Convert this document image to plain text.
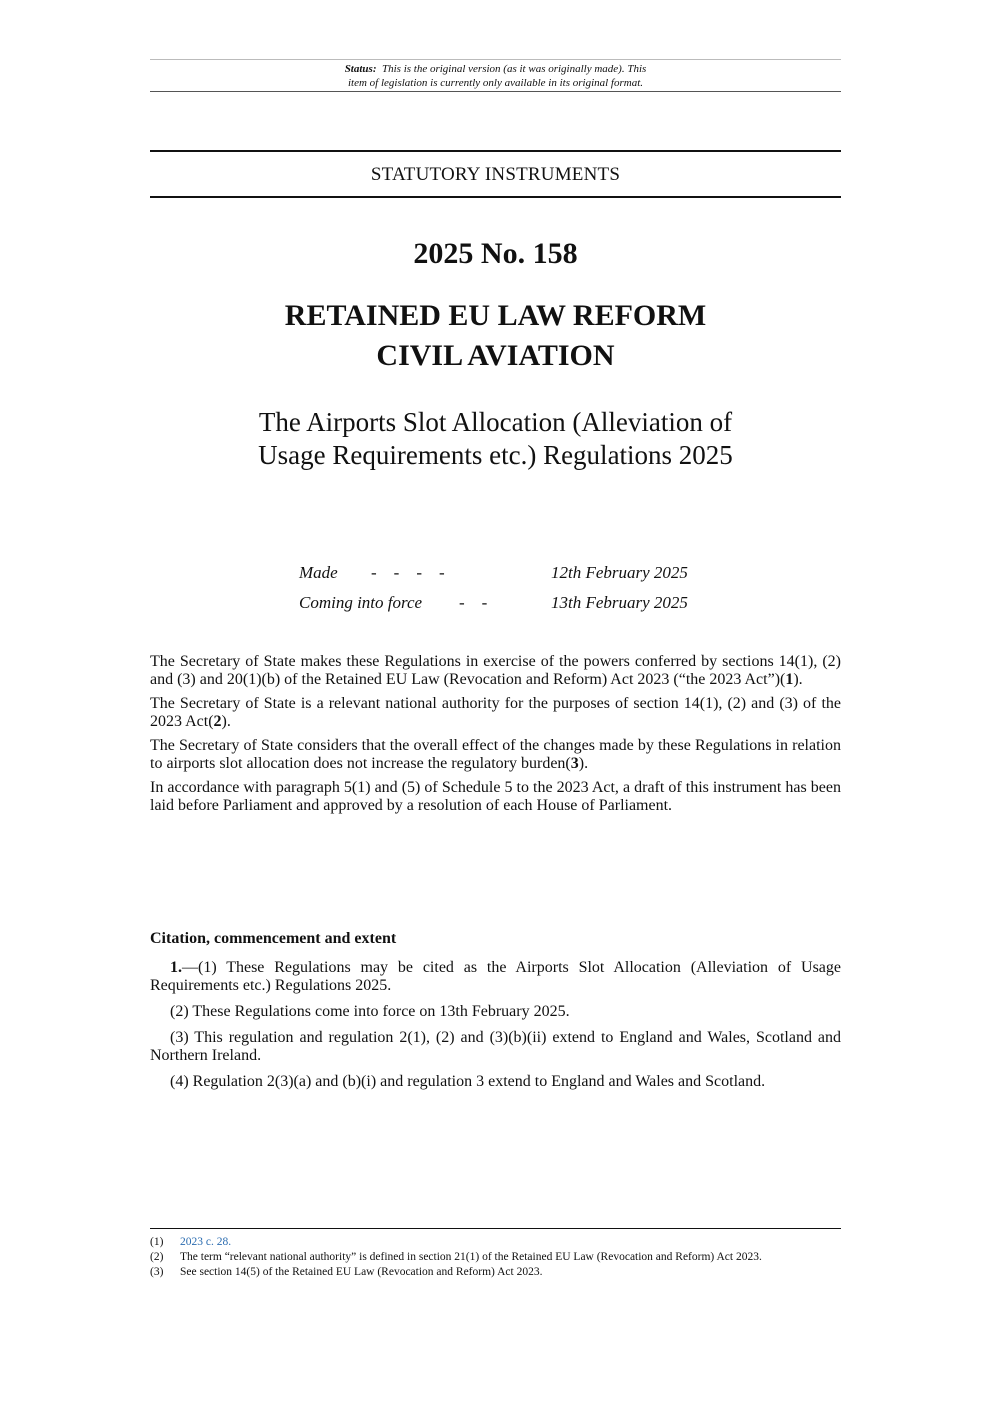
Status: This is the original version (as it was originally made). This
item of legislation is currently only available in its original format.
STATUTORY INSTRUMENTS
2025 No. 158
RETAINED EU LAW REFORM
CIVIL AVIATION
The Airports Slot Allocation (Alleviation of
Usage Requirements etc.) Regulations 2025
Made -    -    -    -	12th February 2025
Coming into force -    -	13th February 2025

The Secretary of State makes these Regulations in exercise of the powers conferred by sections 14(1), (2) and (3) and 20(1)(b) of the Retained EU Law (Revocation and Reform) Act 2023 (“the 2023 Act”)(1).

The Secretary of State is a relevant national authority for the purposes of section 14(1), (2) and (3) of the 2023 Act(2).

The Secretary of State considers that the overall effect of the changes made by these Regulations in relation to airports slot allocation does not increase the regulatory burden(3).

In accordance with paragraph 5(1) and (5) of Schedule 5 to the 2023 Act, a draft of this instrument has been laid before Parliament and approved by a resolution of each House of Parliament.

Citation, commencement and extent

1.—(1) These Regulations may be cited as the Airports Slot Allocation (Alleviation of Usage Requirements etc.) Regulations 2025.

(2) These Regulations come into force on 13th February 2025.

(3) This regulation and regulation 2(1), (2) and (3)(b)(ii) extend to England and Wales, Scotland and Northern Ireland.

(4) Regulation 2(3)(a) and (b)(i) and regulation 3 extend to England and Wales and Scotland.

(1) 2023 c. 28.
(2) The term “relevant national authority” is defined in section 21(1) of the Retained EU Law (Revocation and Reform) Act 2023.
(3) See section 14(5) of the Retained EU Law (Revocation and Reform) Act 2023.
